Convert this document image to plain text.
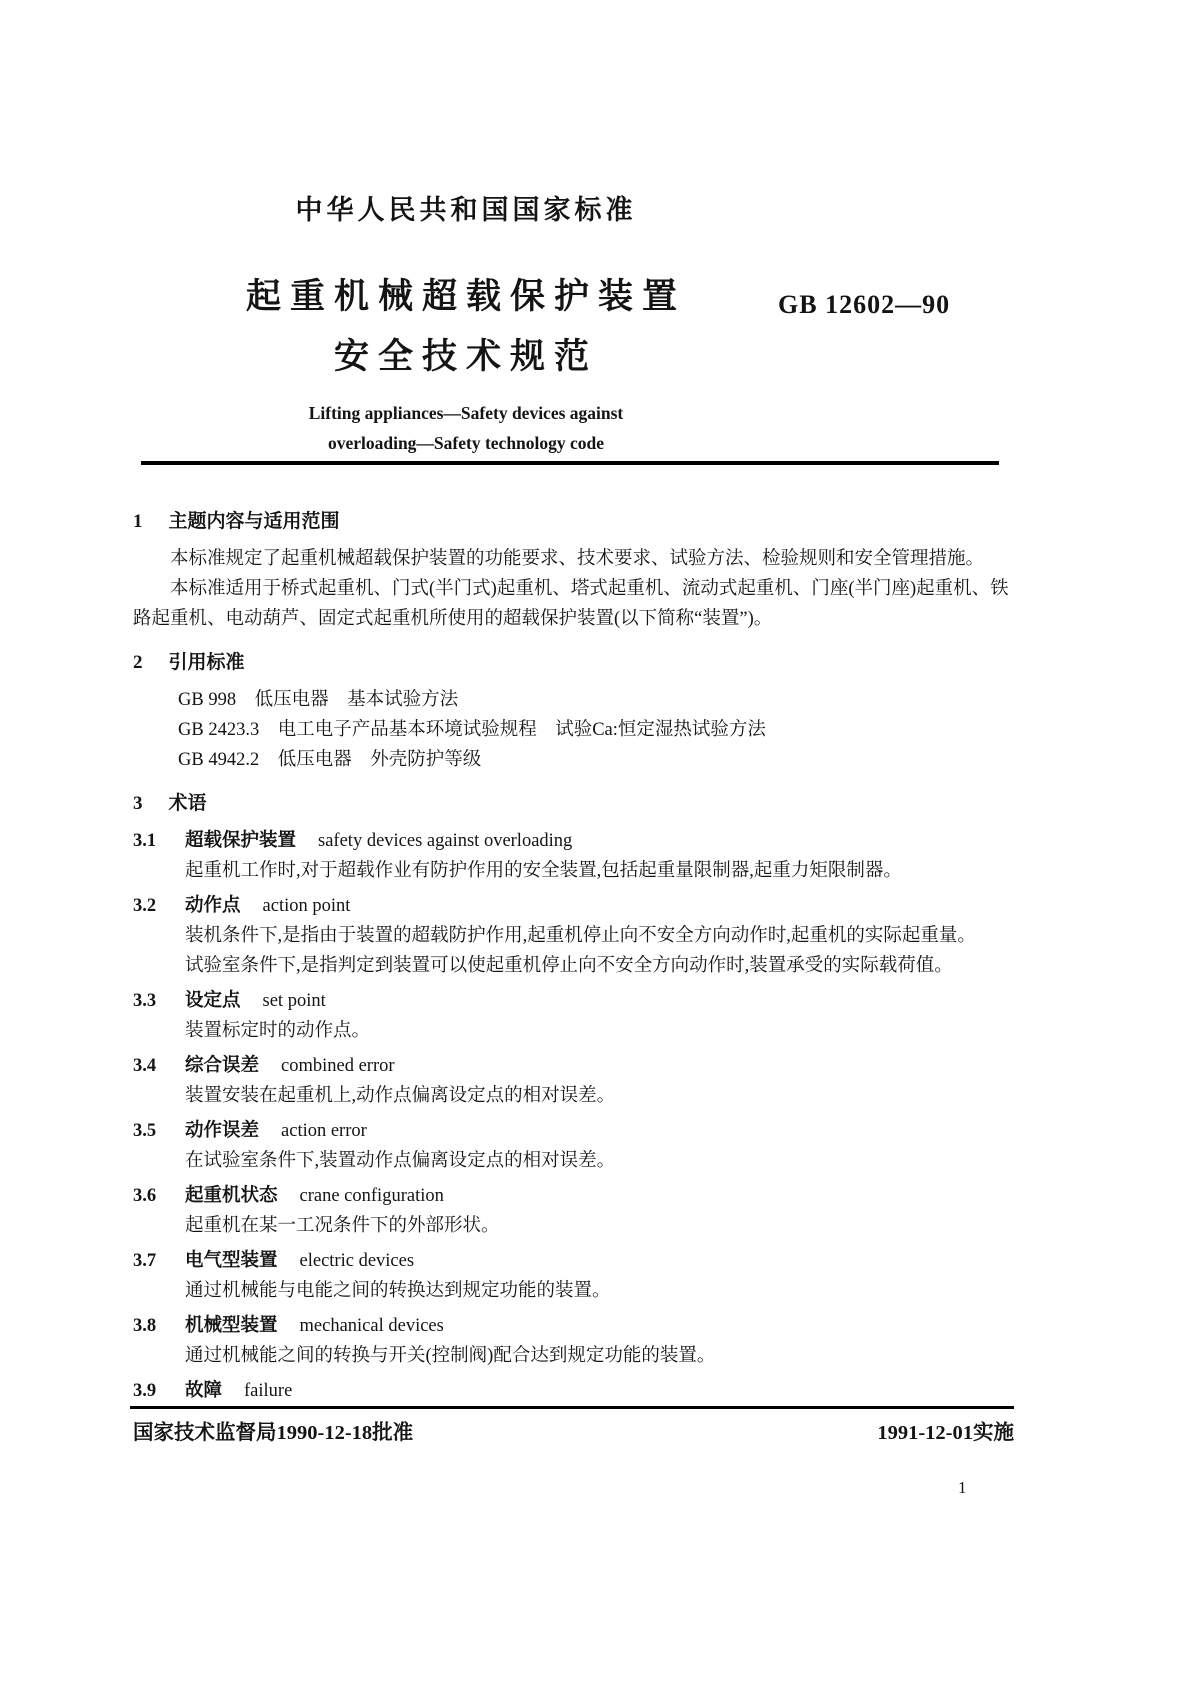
中华人民共和国国家标准
起重机械超载保护装置
安全技术规范
Lifting appliances—Safety devices against
overloading—Safety technology code
GB 12602—90
1 主题内容与适用范围

本标准规定了起重机械超载保护装置的功能要求、技术要求、试验方法、检验规则和安全管理措施。

本标准适用于桥式起重机、门式(半门式)起重机、塔式起重机、流动式起重机、门座(半门座)起重机、铁路起重机、电动葫芦、固定式起重机所使用的超载保护装置(以下简称“装置”)。

2 引用标准

GB 998　低压电器　基本试验方法

GB 2423.3　电工电子产品基本环境试验规程　试验Ca:恒定湿热试验方法

GB 4942.2　低压电器　外壳防护等级

3 术语
3.1 超载保护装置 safety devices against overloading

起重机工作时,对于超载作业有防护作用的安全装置,包括起重量限制器,起重力矩限制器。

3.2 动作点 action point

装机条件下,是指由于装置的超载防护作用,起重机停止向不安全方向动作时,起重机的实际起重量。

试验室条件下,是指判定到装置可以使起重机停止向不安全方向动作时,装置承受的实际载荷值。

3.3 设定点 set point

装置标定时的动作点。

3.4 综合误差 combined error

装置安装在起重机上,动作点偏离设定点的相对误差。

3.5 动作误差 action error

在试验室条件下,装置动作点偏离设定点的相对误差。

3.6 起重机状态 crane configuration

起重机在某一工况条件下的外部形状。

3.7 电气型装置 electric devices

通过机械能与电能之间的转换达到规定功能的装置。

3.8 机械型装置 mechanical devices

通过机械能之间的转换与开关(控制阀)配合达到规定功能的装置。

3.9 故障 failure
国家技术监督局1990-12-18批准	1991-12-01实施
1
